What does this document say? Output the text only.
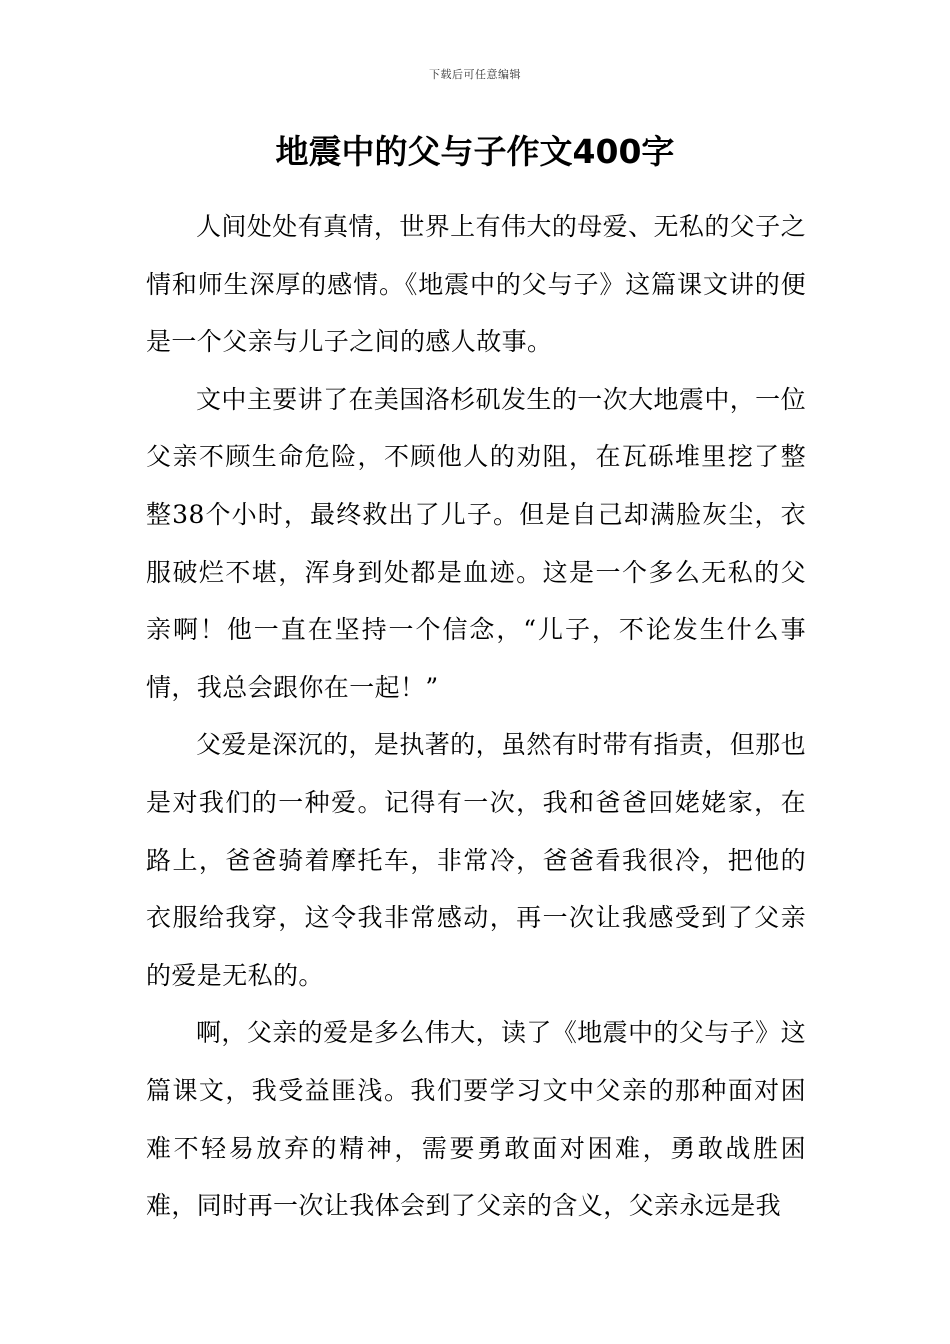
下载后可任意编辑
地震中的父与子作文400字

人间处处有真情，世界上有伟大的母爱、无私的父子之情和师生深厚的感情。《地震中的父与子》这篇课文讲的便是一个父亲与儿子之间的感人故事。

文中主要讲了在美国洛杉矶发生的一次大地震中，一位父亲不顾生命危险，不顾他人的劝阻，在瓦砾堆里挖了整整38个小时，最终救出了儿子。但是自己却满脸灰尘，衣服破烂不堪，浑身到处都是血迹。这是一个多么无私的父亲啊！他一直在坚持一个信念，“儿子，不论发生什么事情，我总会跟你在一起！”

父爱是深沉的，是执著的，虽然有时带有指责，但那也是对我们的一种爱。记得有一次，我和爸爸回姥姥家，在路上，爸爸骑着摩托车，非常冷，爸爸看我很冷，把他的衣服给我穿，这令我非常感动，再一次让我感受到了父亲的爱是无私的。

啊，父亲的爱是多么伟大，读了《地震中的父与子》这篇课文，我受益匪浅。我们要学习文中父亲的那种面对困难不轻易放弃的精神，需要勇敢面对困难，勇敢战胜困难，同时再一次让我体会到了父亲的含义，父亲永远是我
